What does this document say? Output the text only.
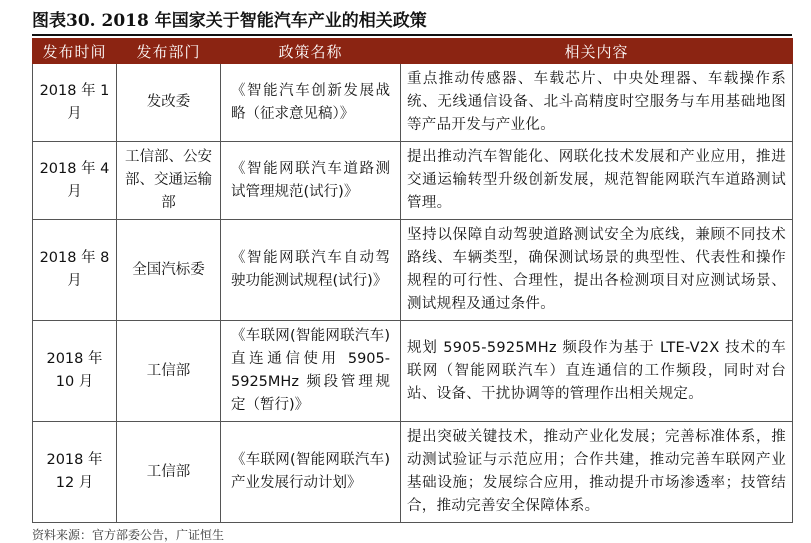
图表30. 2018 年国家关于智能汽车产业的相关政策
发布时间	发布部门	政策名称	相关内容
2018 年 1 月	发改委	《智能汽车创新发展战略（征求意见稿）》	重点推动传感器、车载芯片、中央处理器、车载操作系统、无线通信设备、北斗高精度时空服务与车用基础地图等产品开发与产业化。
2018 年 4 月	工信部、公安部、交通运输部	《智能网联汽车道路测试管理规范(试行)》	提出推动汽车智能化、网联化技术发展和产业应用，推进交通运输转型升级创新发展，规范智能网联汽车道路测试管理。
2018 年 8 月	全国汽标委	《智能网联汽车自动驾驶功能测试规程(试行)》	坚持以保障自动驾驶道路测试安全为底线，兼顾不同技术路线、车辆类型，确保测试场景的典型性、代表性和操作规程的可行性、合理性，提出各检测项目对应测试场景、测试规程及通过条件。
2018 年 10 月	工信部	《车联网(智能网联汽车) 直连通信使用 5905-5925MHz 频段管理规定（暂行)》	规划 5905-5925MHz 频段作为基于 LTE-V2X 技术的车联网（智能网联汽车）直连通信的工作频段，同时对台站、设备、干扰协调等的管理作出相关规定。
2018 年 12 月	工信部	《车联网(智能网联汽车) 产业发展行动计划》	提出突破关键技术，推动产业化发展；完善标准体系，推动测试验证与示范应用；合作共建，推动完善车联网产业基础设施；发展综合应用，推动提升市场渗透率；技管结合，推动完善安全保障体系。
资料来源：官方部委公告，广证恒生
